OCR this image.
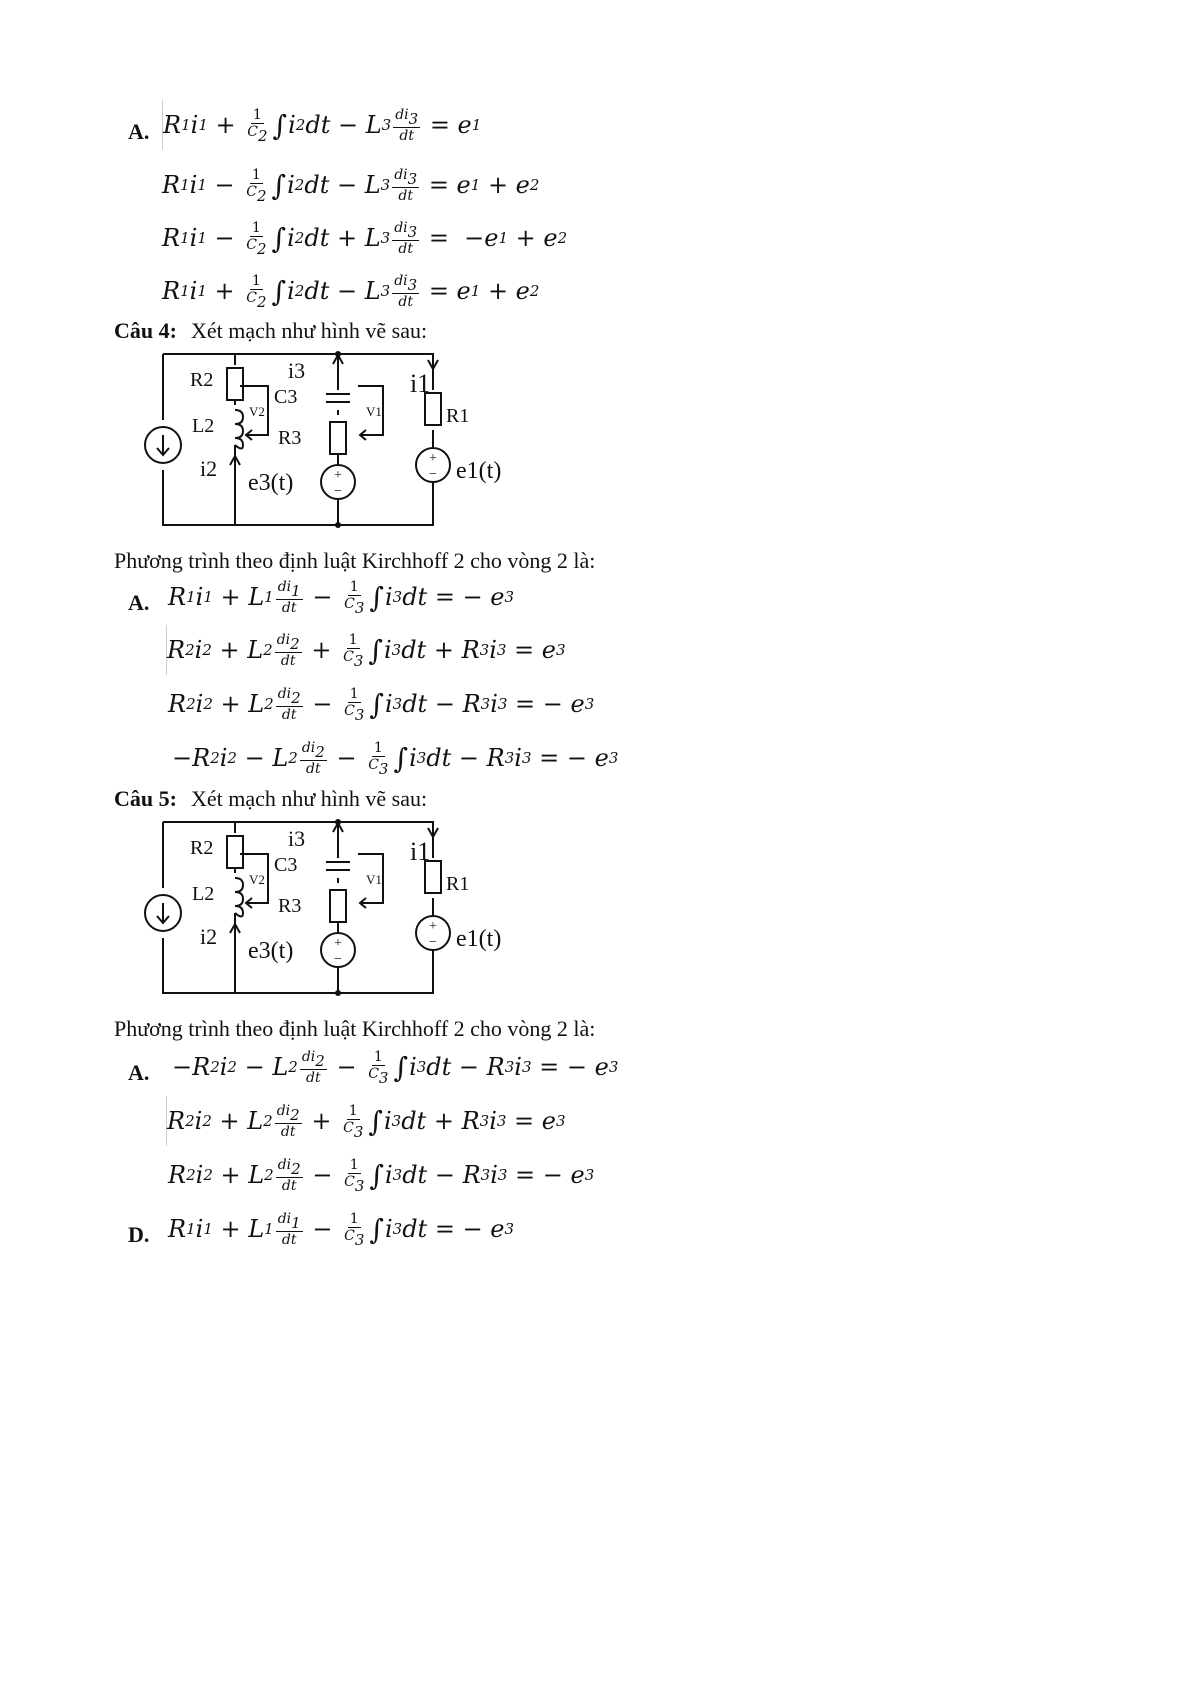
A. R 1 i $1 + \frac{1}{C_2}$ ∫ i 2 dt − L $3 \frac{di_3}{dt} = e$ 1
R 1 i $1 - \frac{1}{C_2}$ ∫ i 2 dt − L $3 \frac{di_3}{dt} = e$ 1 + e 2
R 1 i $1 - \frac{1}{C_2}$ ∫ i 2 dt + L $3 \frac{di_3}{dt} = -e$ 1 + e 2
R 1 i $1 + \frac{1}{C_2}$ ∫ i 2 dt − L $3 \frac{di_3}{dt} = e$ 1 + e 2
Câu 4: Xét mạch như hình vẽ sau:
+
−
+
−
R2
L2
i2
i3
C3
R3
e3(t)
i1
R1
e1(t)
V2	V1
Phương trình theo định luật Kirchhoff 2 cho vòng 2 là:
A. R 1 i 1 + L $1 \frac{di_1}{dt} - \frac{1}{C_3}$ ∫ i 3 dt = − e 3
R 2 i 2 + L $2 \frac{di_2}{dt} + \frac{1}{C_3}$ ∫ i 3 dt + R 3 i 3 = e 3
R 2 i 2 + L $2 \frac{di_2}{dt} - \frac{1}{C_3}$ ∫ i 3 dt − R 3 i 3 = − e 3
−R 2 i 2 − L $2 \frac{di_2}{dt} - \frac{1}{C_3}$ ∫ i 3 dt − R 3 i 3 = − e 3
Câu 5: Xét mạch như hình vẽ sau:
+
−
+
−
R2
L2
i2
i3
C3
R3
e3(t)
i1
R1
e1(t)
V2	V1
Phương trình theo định luật Kirchhoff 2 cho vòng 2 là:
A. −R 2 i 2 − L $2 \frac{di_2}{dt} - \frac{1}{C_3}$ ∫ i 3 dt − R 3 i 3 = − e 3
R 2 i 2 + L $2 \frac{di_2}{dt} + \frac{1}{C_3}$ ∫ i 3 dt + R 3 i 3 = e 3
R 2 i 2 + L $2 \frac{di_2}{dt} - \frac{1}{C_3}$ ∫ i 3 dt − R 3 i 3 = − e 3
D. R 1 i 1 + L $1 \frac{di_1}{dt} - \frac{1}{C_3}$ ∫ i 3 dt = − e 3
